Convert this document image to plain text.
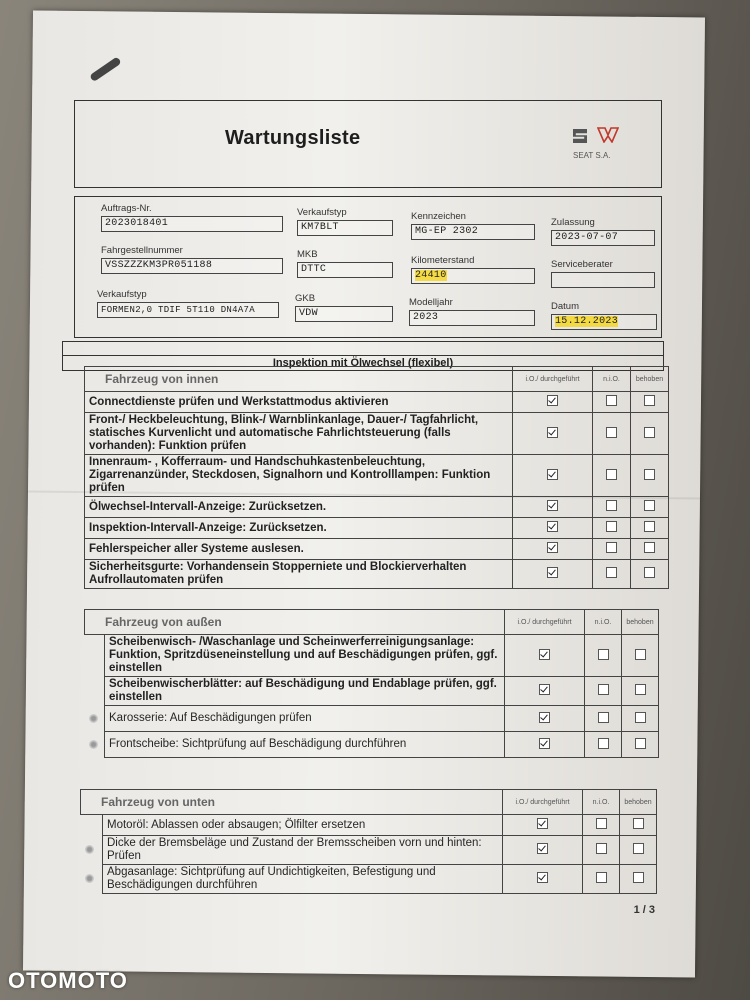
Wartungsliste
SEAT S.A.
Auftrags-Nr.
2023018401
Verkaufstyp
KM7BLT
Kennzeichen
MG-EP 2302
Zulassung
2023-07-07
Fahrgestellnummer
VSSZZZKM3PR051188
MKB
DTTC
Kilometerstand
24410
Serviceberater
Verkaufstyp
FORMEN2,0 TDIF 5T110 DN4A7A
GKB
VDW
Modelljahr
2023
Datum
15.12.2023
Inspektion mit Ölwechsel (flexibel)
Fahrzeug von innen	i.O./ durchgeführt	n.i.O.	behoben
Connectdienste prüfen und Werkstattmodus aktivieren			
Front-/ Heckbeleuchtung, Blink-/ Warnblinkanlage, Dauer-/ Tagfahrlicht, statisches Kurvenlicht und automatische Fahrlichtsteuerung (falls vorhanden): Funktion prüfen			
Innenraum- , Kofferraum- und Handschuhkastenbeleuchtung, Zigarrenanzünder, Steckdosen, Signalhorn und Kontrolllampen: Funktion prüfen			
Ölwechsel-Intervall-Anzeige: Zurücksetzen.			
Inspektion-Intervall-Anzeige: Zurücksetzen.			
Fehlerspeicher aller Systeme auslesen.			
Sicherheitsgurte: Vorhandensein Stopperniete und Blockierverhalten Aufrollautomaten prüfen			
Fahrzeug von außen		i.O./ durchgeführt	n.i.O.	behoben
	Scheibenwisch- /Waschanlage und Scheinwerferreinigungsanlage: Funktion, Spritzdüseneinstellung und auf Beschädigungen prüfen, ggf. einstellen			
	Scheibenwischerblätter: auf Beschädigung und Endablage prüfen, ggf. einstellen			
	Karosserie: Auf Beschädigungen prüfen			
	Frontscheibe: Sichtprüfung auf Beschädigung durchführen			
Fahrzeug von unten		i.O./ durchgeführt	n.i.O.	behoben
	Motoröl: Ablassen oder absaugen; Ölfilter ersetzen			
	Dicke der Bremsbeläge und Zustand der Bremsscheiben vorn und hinten: Prüfen			
	Abgasanlage: Sichtprüfung auf Undichtigkeiten, Befestigung und Beschädigungen durchführen			
1 / 3
OTOMOTO
